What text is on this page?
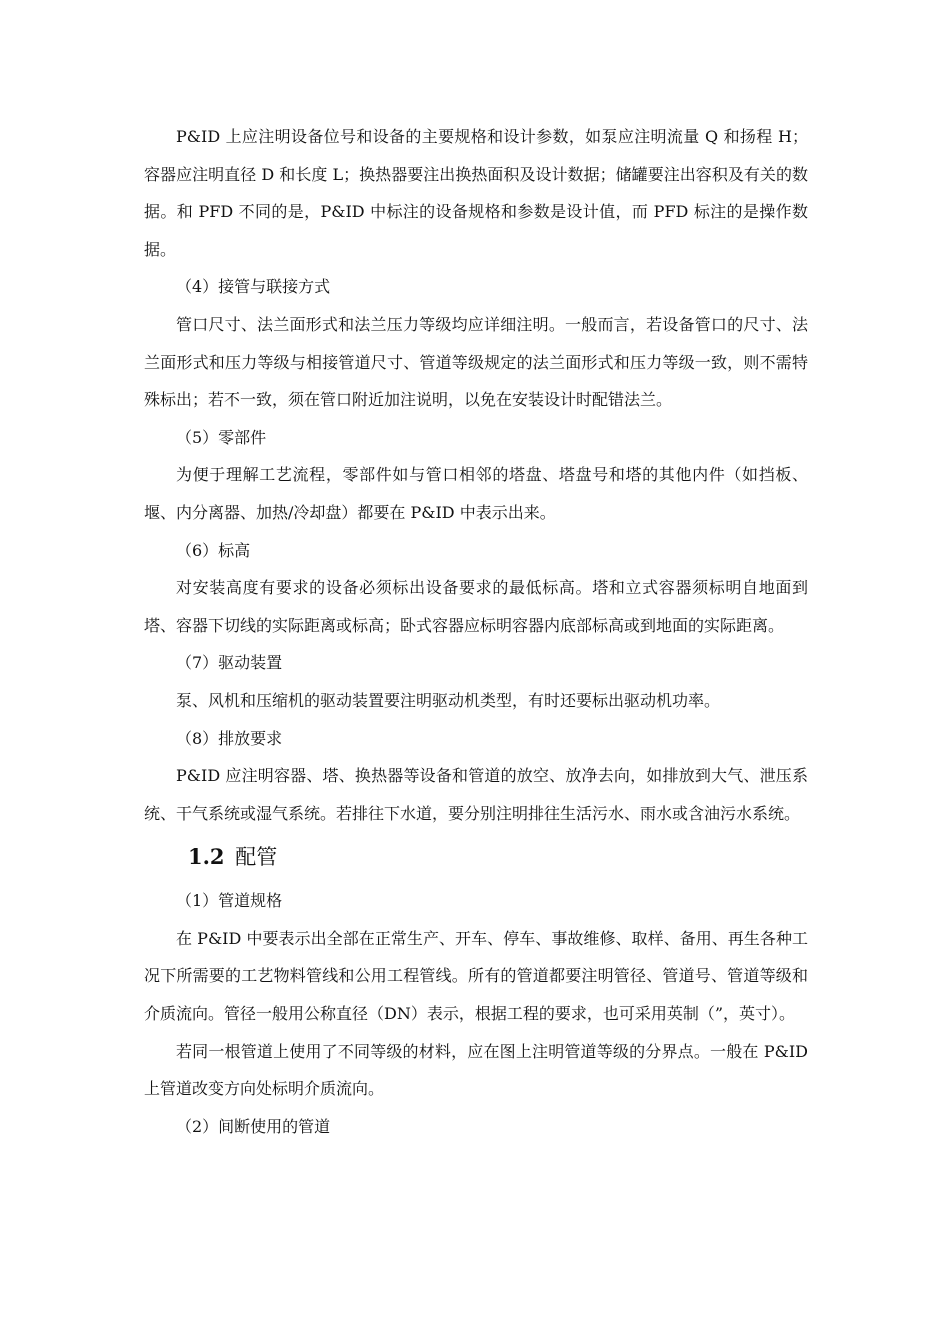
P&ID 上应注明设备位号和设备的主要规格和设计参数，如泵应注明流量 Q 和扬程 H；容器应注明直径 D 和长度 L；换热器要注出换热面积及设计数据；储罐要注出容积及有关的数据。和 PFD 不同的是，P&ID 中标注的设备规格和参数是设计值，而 PFD 标注的是操作数据。

（4）接管与联接方式

管口尺寸、法兰面形式和法兰压力等级均应详细注明。一般而言，若设备管口的尺寸、法兰面形式和压力等级与相接管道尺寸、管道等级规定的法兰面形式和压力等级一致，则不需特殊标出；若不一致，须在管口附近加注说明，以免在安装设计时配错法兰。

（5）零部件

为便于理解工艺流程，零部件如与管口相邻的塔盘、塔盘号和塔的其他内件（如挡板、堰、内分离器、加热/冷却盘）都要在 P&ID 中表示出来。

（6）标高

对安装高度有要求的设备必须标出设备要求的最低标高。塔和立式容器须标明自地面到塔、容器下切线的实际距离或标高；卧式容器应标明容器内底部标高或到地面的实际距离。

（7）驱动装置

泵、风机和压缩机的驱动装置要注明驱动机类型，有时还要标出驱动机功率。

（8）排放要求

P&ID 应注明容器、塔、换热器等设备和管道的放空、放净去向，如排放到大气、泄压系统、干气系统或湿气系统。若排往下水道，要分别注明排往生活污水、雨水或含油污水系统。

1.2 配管

（1）管道规格

在 P&ID 中要表示出全部在正常生产、开车、停车、事故维修、取样、备用、再生各种工况下所需要的工艺物料管线和公用工程管线。所有的管道都要注明管径、管道号、管道等级和介质流向。管径一般用公称直径（DN）表示，根据工程的要求，也可采用英制（”，英寸）。

若同一根管道上使用了不同等级的材料，应在图上注明管道等级的分界点。一般在 P&ID 上管道改变方向处标明介质流向。

（2）间断使用的管道
